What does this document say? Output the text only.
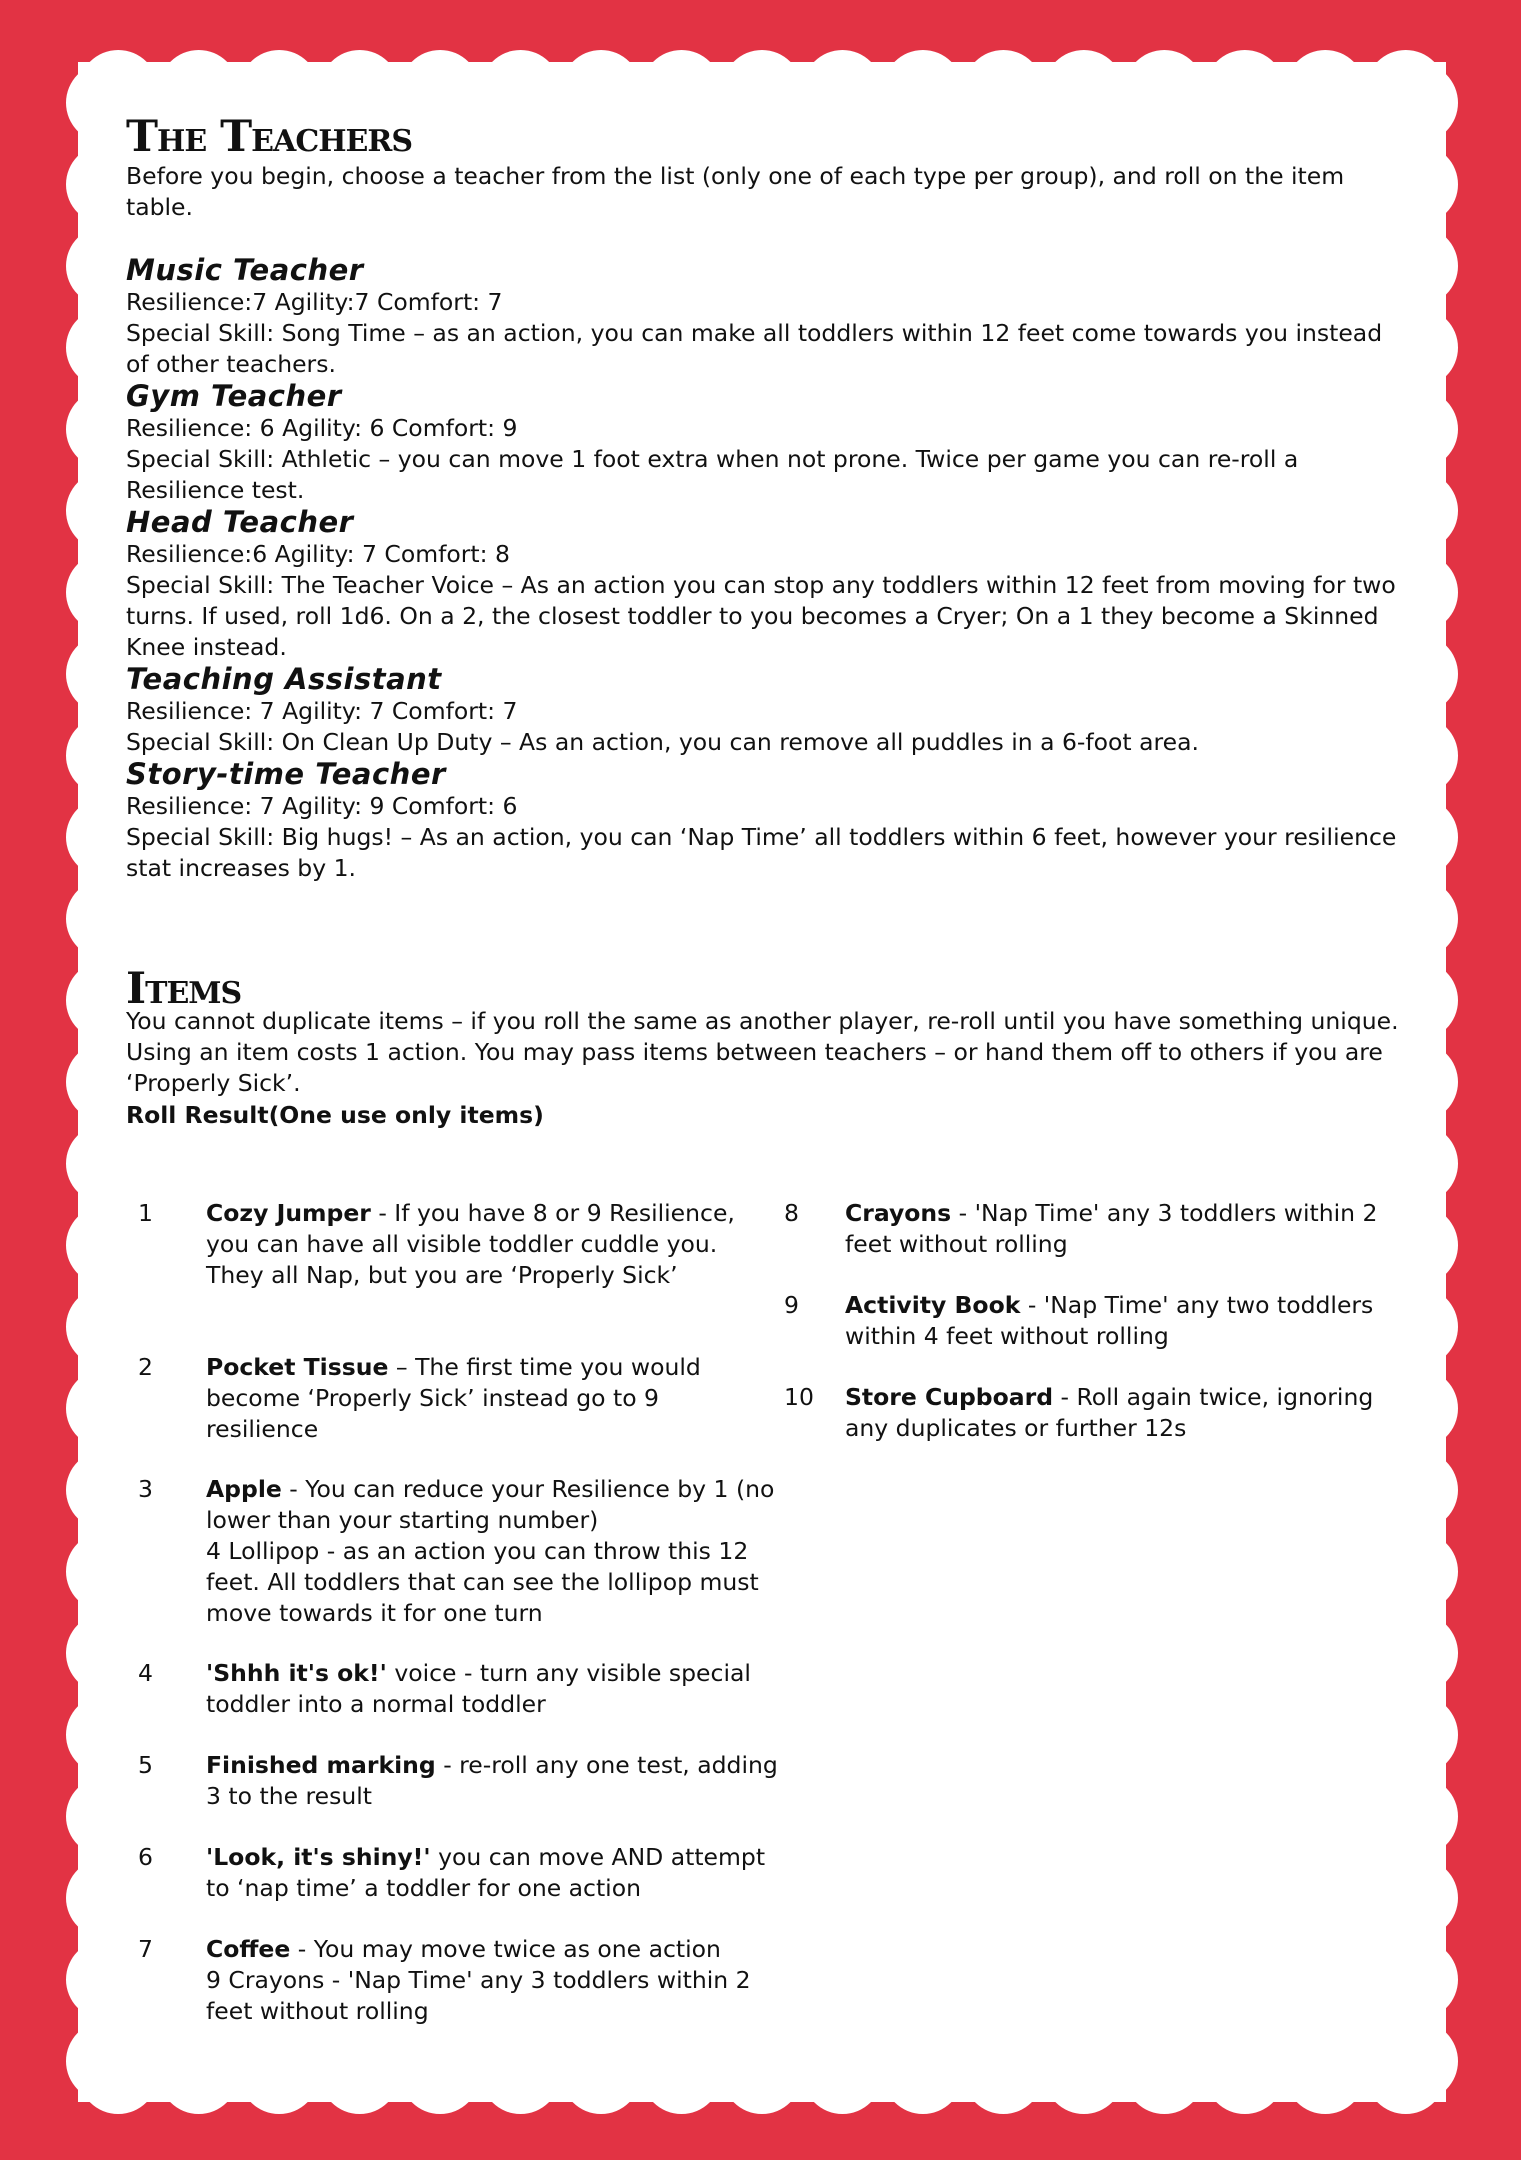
The Teachers

Before you begin, choose a teacher from the list (only one of each type per group), and roll on the item table.

Music Teacher
Resilience:7 Agility:7 Comfort: 7
Special Skill: Song Time – as an action, you can make all toddlers within 12 feet come towards you instead of other teachers.
Gym Teacher
Resilience: 6 Agility: 6 Comfort: 9
Special Skill: Athletic – you can move 1 foot extra when not prone. Twice per game you can re-roll a Resilience test.
Head Teacher
Resilience:6 Agility: 7 Comfort: 8
Special Skill: The Teacher Voice – As an action you can stop any toddlers within 12 feet from moving for two turns. If used, roll 1d6. On a 2, the closest toddler to you becomes a Cryer; On a 1 they become a Skinned Knee instead.
Teaching Assistant
Resilience: 7 Agility: 7 Comfort: 7
Special Skill: On Clean Up Duty – As an action, you can remove all puddles in a 6-foot area.
Story-time Teacher
Resilience: 7 Agility: 9 Comfort: 6
Special Skill: Big hugs! – As an action, you can ‘Nap Time’ all toddlers within 6 feet, however your resilience stat increases by 1.
Items

You cannot duplicate items – if you roll the same as another player, re-roll until you have something unique. Using an item costs 1 action. You may pass items between teachers – or hand them off to others if you are ‘Properly Sick’.

Roll Result(One use only items)

1	Cozy Jumper - If you have 8 or 9 Resilience, you can have all visible toddler cuddle you. They all Nap, but you are ‘Properly Sick’
2	Pocket Tissue – The first time you would become ‘Properly Sick’ instead go to 9 resilience
3	Apple - You can reduce your Resilience by 1 (no lower than your starting number)
4 Lollipop - as an action you can throw this 12 feet. All toddlers that can see the lollipop must move towards it for one turn
4	'Shhh it's ok!' voice - turn any visible special toddler into a normal toddler
5	Finished marking - re-roll any one test, adding 3 to the result
6	'Look, it's shiny!' you can move AND attempt to ‘nap time’ a toddler for one action
7	Coffee - You may move twice as one action
9 Crayons - 'Nap Time' any 3 toddlers within 2 feet without rolling
8	Crayons - 'Nap Time' any 3 toddlers within 2 feet without rolling
9	Activity Book - 'Nap Time' any two toddlers within 4 feet without rolling
10	Store Cupboard - Roll again twice, ignoring any duplicates or further 12s
